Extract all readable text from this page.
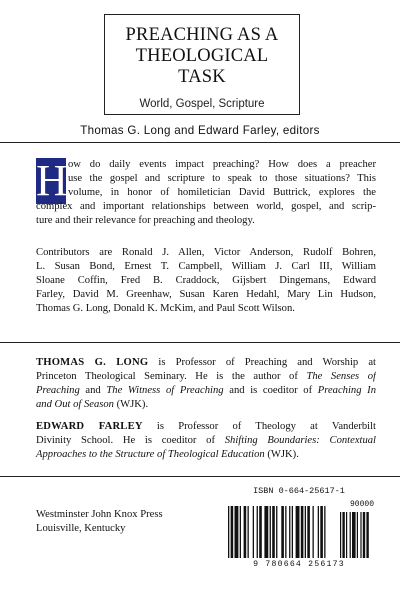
PREACHING AS A
THEOLOGICAL
TASK
World, Gospel, Scripture
Thomas G. Long and Edward Farley, editors
H ow do daily events impact preaching? How does a preacher
use the gospel and scripture to speak to those situations? This
volume, in honor of homiletician David Buttrick, explores the
complex and important relationships between world, gospel, and scrip-
ture and their relevance for preaching and theology.
Contributors are Ronald J. Allen, Victor Anderson, Rudolf Bohren,
L. Susan Bond, Ernest T. Campbell, William J. Carl III, William
Sloane Coffin, Fred B. Craddock, Gijsbert Dingemans, Edward
Farley, David M. Greenhaw, Susan Karen Hedahl, Mary Lin Hudson,
Thomas G. Long, Donald K. McKim, and Paul Scott Wilson.
THOMAS G. LONG is Professor of Preaching and Worship at
Princeton Theological Seminary. He is the author of The Senses of
Preaching and The Witness of Preaching and is coeditor of Preaching In
and Out of Season (WJK).
EDWARD FARLEY is Professor of Theology at Vanderbilt
Divinity School. He is coeditor of Shifting Boundaries: Contextual
Approaches to the Structure of Theological Education (WJK).
Westminster John Knox Press
Louisville, Kentucky
ISBN 0-664-25617-1
90000
9 780664 256173
